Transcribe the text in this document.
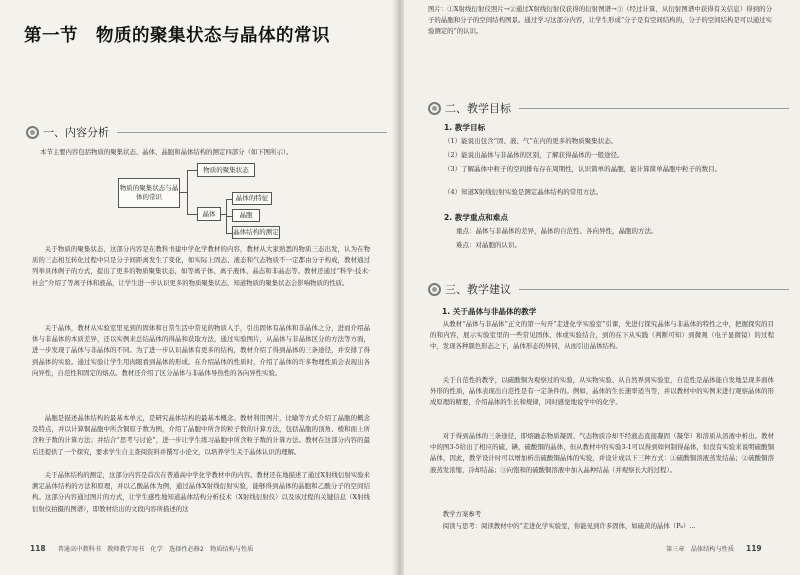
第一节　物质的聚集状态与晶体的常识
一、内容分析
本节主要内容包括物质的聚集状态、晶体、晶胞和晶体结构的测定四部分（如下图所示）。
物质的聚集状态与晶体的常识
物质的聚集状态
晶体
晶体的特征
晶胞
晶体结构的测定
关于物质的聚集状态，这部分内容是在教科书建中学化学教材的内容，教材从大家熟悉的物质三态出发，认为在物质的三态相互转化过程中只是分子间距离发生了变化，如实际上固态、液态和气态物质不一定都由分子构成，教材通过列举具体例子的方式，提出了更多的物质聚集状态，如等离子体、离子液体、晶态和非晶态等。教材还通过“科学·技术·社会”介绍了等离子体和液晶，让学生进一步认识更多的物质聚集状态，知道物质的聚集状态会影响物质的性质。
关于晶体，教材从实验室里见到的固体和日常生活中常见的物质入手，引出固体有晶体和非晶体之分，进而介绍晶体与非晶体的本质差异，还以实例来总结晶体的得晶和获取方法，通过实验图片，从晶体与非晶体区分的方法等方面，进一步发现了晶体与非晶体的不同。为了进一步认识晶体有更多的结构，教材介绍了得到晶体的三条途径，并安排了得到晶体的实验。通过实验让学生用肉眼看到晶体的形成。在介绍晶体的性质时，介绍了晶体的许多物理性质会表现出各向异性，自范性和固定的熔点。教材还介绍了区分晶体与非晶体导热性的各向异性实验。
晶胞是描述晶体结构的最基本单元，是研究晶体结构的最基本概念。教材利用图片，比喻等方式介绍了晶胞的概念及特点，并以计算铜晶胞中所含铜原子数为例，介绍了晶胞中所含的粒子数的计算方法，包括晶胞的顶角、棱和面上所含粒子数的计算方法；并结合“思考与讨论”，进一步让学生练习晶胞中所含粒子数的计算方法。教材在这部分内容的最后还提供了一个探究，要求学生自主查阅资料并撰写小论文，以培养学生关于晶体认识的理解。
关于晶体结构的测定，这部分内容是首次在普通高中学化学教材中的内容。教材还在地描述了通过X射线衍射实验来测定晶体结构的方法和原理，并以乙酸晶体为例，通过晶体X射线衍射实验，能够得到晶体的晶胞和乙酸分子的空间结构。这部分内容通过图片的方式，让学生感性地知道晶体结构分析技术（X射线衍射仪）以及该过程的关键信息（X射线衍射仪拍摄的图谱），即教材给出的文段内容所描述的这
118 普通高中教科书　教师教学用书　化学　选择性必修2　物质结构与性质
图片：①X射线衍射仪照片→②通过X射线衍射仪获得的衍射图谱→③（经过计算，从衍射图谱中获得有关信息）得到的分子的晶胞和分子的空间结构图景。通过学习这部分内容，让学生形成“分子是有空间结构的，分子的空间结构是可以通过实验测定的”的认识。
二、教学目标
1. 教学目标
（1）能说出包含“固、液、气”在内的更多的物质聚集状态。
（2）能说出晶体与非晶体的区别，了解获得晶体的一般途径。
（3）了解晶体中粒子的空间排布存在周期性，认识简单的晶胞，能计算简单晶胞中粒子的数目。
（4）知道X射线衍射实验是测定晶体结构的常用方法。
2. 教学重点和难点
重点：晶体与非晶体的差异，晶体的自范性、各向异性，晶胞的方法。
难点：对晶胞的认识。
三、教学建议
1. 关于晶体与非晶体的教学
从教材“晶体与非晶体”正文的第一句开“走进化学实验室”引课，先进行探究晶体与非晶体的特性之中，把握探究的目的和内容，展示实验室里的一些常见固体、体或实验结合，到的在下从实践（判断可知）到微观（电子显微镜）的过程中，发现各种颜色形态之下，晶体形态的异同，从而引出晶体结构。
关于自范性的教学，以硫酸铜为观察过的实验，从实物实验、从自然界到实验室，自范性是晶体能自发地呈现多面体外形的性质，晶体表现出自范性是有一定条件的。例如，晶体的生长速率适当等，并以教材中的实例来进行观察晶体的形成原理的精要，介绍晶体的生长和规律，同时感觉地说学中的化学。
对于得到晶体的三条途径，即熔融态物质凝固、气态物质冷却不经液态直接凝固（凝华）和溶质从溶液中析出。教材中的图3-5给出了相应的硫、碘、硫酸铜的晶体，但从教材中的实验3-1可以得到如何制得晶体，但没有实验来说明硫酸铜晶体，因此，教学设计时可以增加析出硫酸铜晶体的实验，并设计成以下三种方式：①硫酸铜溶液蒸发结晶；②硫酸铜溶液蒸发浓缩，冷却结晶；③向饱和的硫酸铜溶液中加入晶种结晶（并观察长大的过程）。
教学方案参考
阅读与思考：阅读教材中的“走进化学实验室，你能见到许多固体，如硫黄的晶体（P₈）...
第三章　晶体结构与性质 119
